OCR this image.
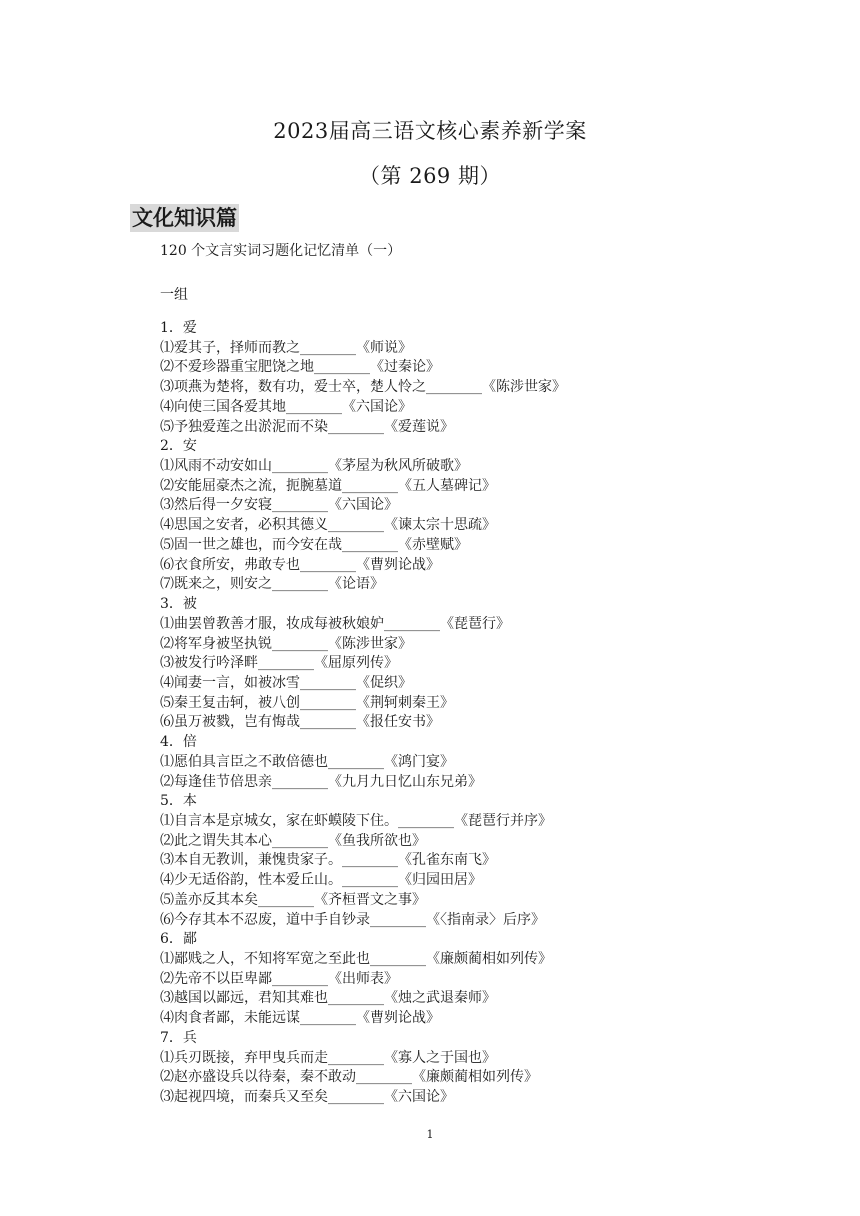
2023届高三语文核心素养新学案
（第 269 期）
文化知识篇
120 个文言实词习题化记忆清单（一）
一组
1．爱
⑴爱其子，择师而教之________《师说》
⑵不爱珍器重宝肥饶之地________《过秦论》
⑶项燕为楚将，数有功，爱士卒，楚人怜之________《陈涉世家》
⑷向使三国各爱其地________《六国论》
⑸予独爱莲之出淤泥而不染________《爱莲说》
2．安
⑴风雨不动安如山________《茅屋为秋风所破歌》
⑵安能屈豪杰之流，扼腕墓道________《五人墓碑记》
⑶然后得一夕安寝________《六国论》
⑷思国之安者，必积其德义________《谏太宗十思疏》
⑸固一世之雄也，而今安在哉________《赤壁赋》
⑹衣食所安，弗敢专也________《曹刿论战》
⑺既来之，则安之________《论语》
3．被
⑴曲罢曾教善才服，妆成每被秋娘妒________《琵琶行》
⑵将军身被坚执锐________《陈涉世家》
⑶被发行吟泽畔________《屈原列传》
⑷闻妻一言，如被冰雪________《促织》
⑸秦王复击轲，被八创________《荆轲刺秦王》
⑹虽万被戮，岂有悔哉________《报任安书》
4．倍
⑴愿伯具言臣之不敢倍德也________《鸿门宴》
⑵每逢佳节倍思亲________《九月九日忆山东兄弟》
5．本
⑴自言本是京城女，家在虾蟆陵下住。________《琵琶行并序》
⑵此之谓失其本心________《鱼我所欲也》
⑶本自无教训，兼愧贵家子。________《孔雀东南飞》
⑷少无适俗韵，性本爱丘山。________《归园田居》
⑸盖亦反其本矣________《齐桓晋文之事》
⑹今存其本不忍废，道中手自钞录________《〈指南录〉后序》
6．鄙
⑴鄙贱之人，不知将军宽之至此也________《廉颇蔺相如列传》
⑵先帝不以臣卑鄙________《出师表》
⑶越国以鄙远，君知其难也________《烛之武退秦师》
⑷肉食者鄙，未能远谋________《曹刿论战》
7．兵
⑴兵刃既接，弃甲曳兵而走________《寡人之于国也》
⑵赵亦盛设兵以待秦，秦不敢动________《廉颇蔺相如列传》
⑶起视四境，而秦兵又至矣________《六国论》
1
